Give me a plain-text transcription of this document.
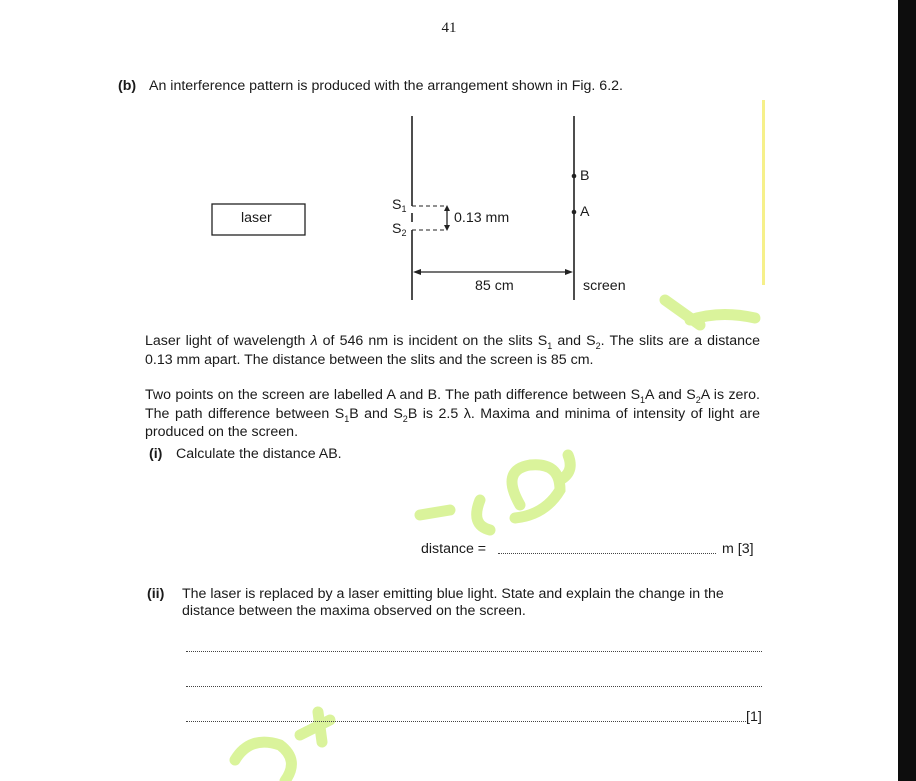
41
(b) An interference pattern is produced with the arrangement shown in Fig. 6.2.
laser
$S_1$
$S_2$
0.13 mm
B
A
85 cm	screen
Laser light of wavelength λ of 546 nm is incident on the slits $S_1$ and $S_2$. The slits are a distance 0.13 mm apart. The distance between the slits and the screen is 85 cm.
Two points on the screen are labelled A and B. The path difference between $S_1A$ and $S_2A$ is zero. The path difference between $S_1B$ and $S_2B$ is 2.5 λ. Maxima and minima of intensity of light are produced on the screen.
(i) Calculate the distance AB.
distance =	m [3]
(ii) The laser is replaced by a laser emitting blue light. State and explain the change in the
distance between the maxima observed on the screen.
[1]
